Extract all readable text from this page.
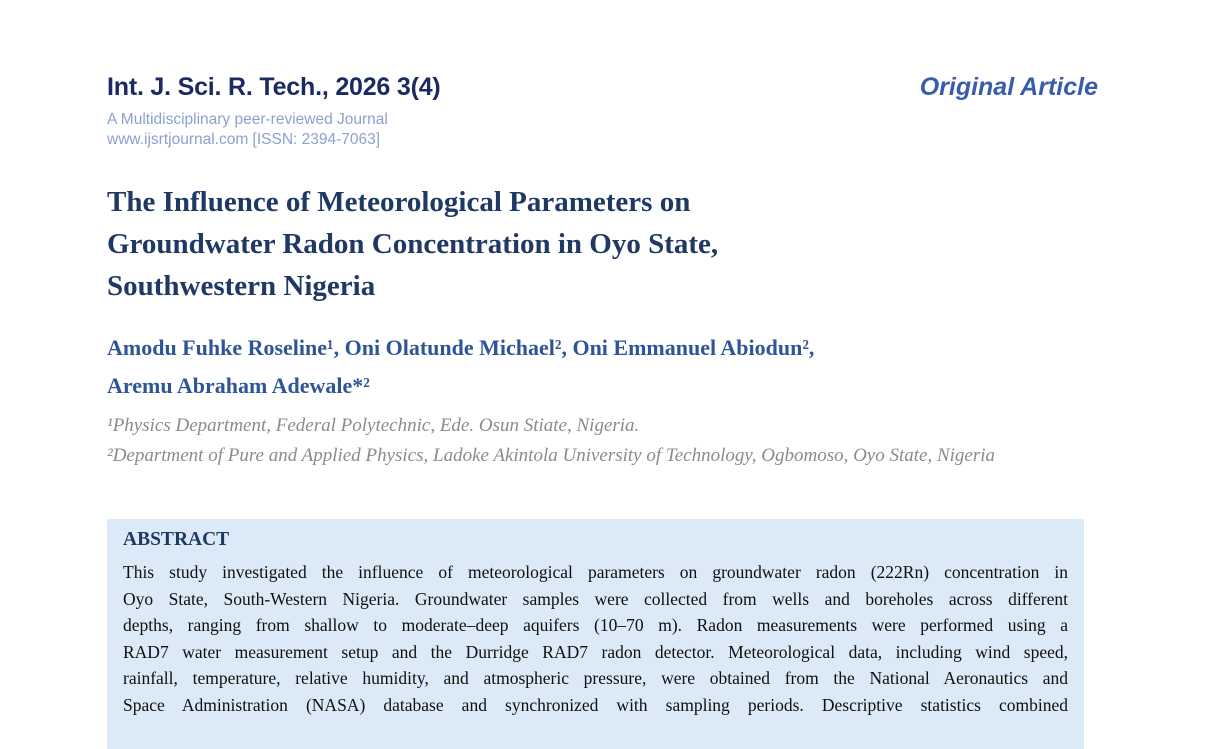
Int. J. Sci. R. Tech., 2026 3(4)
A Multidisciplinary peer-reviewed Journal
www.ijsrtjournal.com [ISSN: 2394-7063]
Original Article
The Influence of Meteorological Parameters on
Groundwater Radon Concentration in Oyo State,
Southwestern Nigeria
Amodu Fuhke Roseline¹, Oni Olatunde Michael², Oni Emmanuel Abiodun²,
Aremu Abraham Adewale*²
¹Physics Department, Federal Polytechnic, Ede. Osun Stiate, Nigeria.
²Department of Pure and Applied Physics, Ladoke Akintola University of Technology, Ogbomoso, Oyo State, Nigeria
ABSTRACT
This study investigated the influence of meteorological parameters on groundwater radon (222Rn) concentration in
Oyo State, South-Western Nigeria. Groundwater samples were collected from wells and boreholes across different
depths, ranging from shallow to moderate–deep aquifers (10–70 m). Radon measurements were performed using a
RAD7 water measurement setup and the Durridge RAD7 radon detector. Meteorological data, including wind speed,
rainfall, temperature, relative humidity, and atmospheric pressure, were obtained from the National Aeronautics and
Space Administration (NASA) database and synchronized with sampling periods. Descriptive statistics combined
